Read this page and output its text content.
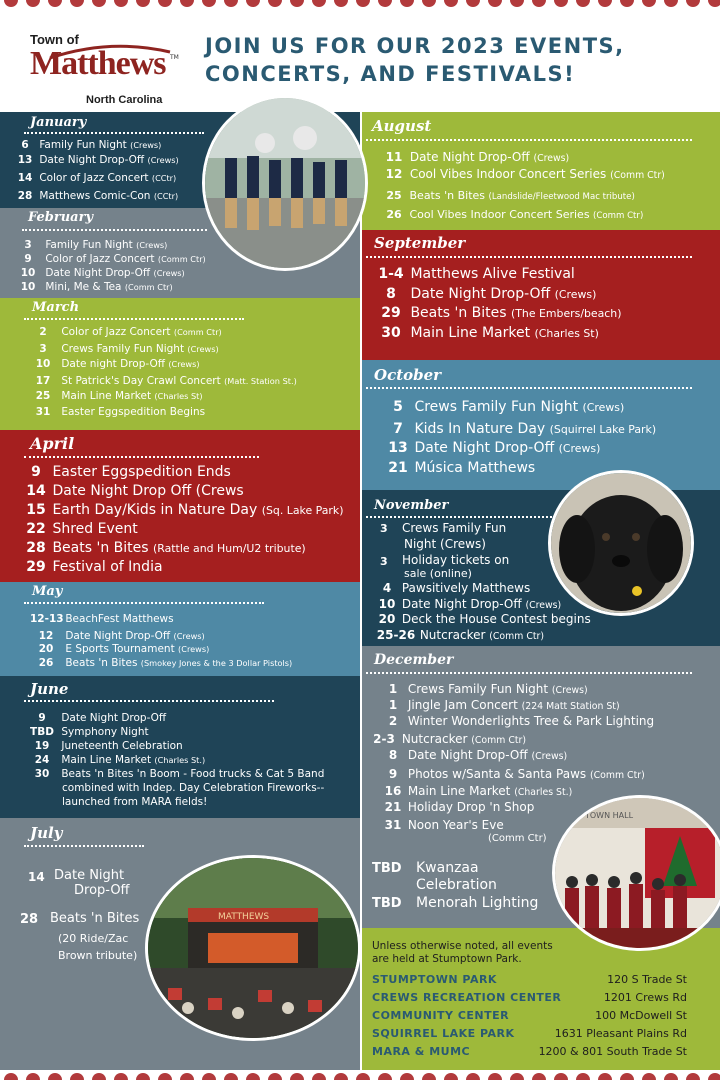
Town of
Matthews TM
North Carolina
JOIN US FOR OUR 2023 EVENTS,
CONCERTS, AND FESTIVALS!
January
February
March
April
May
June
July
August
September
October
November
December
6 Family Fun Night (Crews)
13 Date Night Drop-Off (Crews)
14 Color of Jazz Concert (CCtr)
28 Matthews Comic-Con (CCtr)
3 Family Fun Night (Crews)
9 Color of Jazz Concert (Comm Ctr)
10 Date Night Drop-Off (Crews)
10 Mini, Me & Tea (Comm Ctr)
2 Color of Jazz Concert (Comm Ctr)
3 Crews Family Fun Night (Crews)
10 Date night Drop-Off (Crews)
17 St Patrick's Day Crawl Concert (Matt. Station St.)
25 Main Line Market (Charles St)
31 Easter Eggspedition Begins
9 Easter Eggspedition Ends
14 Date Night Drop Off (Crews
15 Earth Day/Kids in Nature Day (Sq. Lake Park)
22 Shred Event
28 Beats 'n Bites (Rattle and Hum/U2 tribute)
29 Festival of India
12-13 BeachFest Matthews
12 Date Night Drop-Off (Crews)
20 E Sports Tournament (Crews)
26 Beats 'n Bites (Smokey Jones & the 3 Dollar Pistols)
9 Date Night Drop-Off
TBD Symphony Night
19 Juneteenth Celebration
24 Main Line Market (Charles St.)
30 Beats 'n Bites 'n Boom - Food trucks & Cat 5 Band
combined with Indep. Day Celebration Fireworks--
launched from MARA fields!
14 Date Night
Drop-Off
28 Beats 'n Bites
(20 Ride/Zac
Brown tribute)
11 Date Night Drop-Off (Crews)
12 Cool Vibes Indoor Concert Series (Comm Ctr)
25 Beats 'n Bites (Landslide/Fleetwood Mac tribute)
26 Cool Vibes Indoor Concert Series (Comm Ctr)
1-4 Matthews Alive Festival
8 Date Night Drop-Off (Crews)
29 Beats 'n Bites (The Embers/beach)
30 Main Line Market (Charles St)
5 Crews Family Fun Night (Crews)
7 Kids In Nature Day (Squirrel Lake Park)
13 Date Night Drop-Off (Crews)
21 Música Matthews
3 Crews Family Fun
Night (Crews)
3 Holiday tickets on
sale (online)
4 Pawsitively Matthews
10 Date Night Drop-Off (Crews)
20 Deck the House Contest begins
25-26 Nutcracker (Comm Ctr)
1 Crews Family Fun Night (Crews)
1 Jingle Jam Concert (224 Matt Station St)
2 Winter Wonderlights Tree & Park Lighting
2-3 Nutcracker (Comm Ctr)
8 Date Night Drop-Off (Crews)
9 Photos w/Santa & Santa Paws (Comm Ctr)
16 Main Line Market (Charles St.)
21 Holiday Drop 'n Shop
31 Noon Year's Eve
(Comm Ctr)
TBD Kwanzaa
Celebration
TBD Menorah Lighting
Unless otherwise noted, all events
are held at Stumptown Park.
STUMPTOWN PARK	120 S Trade St
CREWS RECREATION CENTER	1201 Crews Rd
COMMUNITY CENTER	100 McDowell St
SQUIRREL LAKE PARK	1631 Pleasant Plains Rd
MARA & MUMC	1200 & 801 South Trade St
TOWN HALL
MATTHEWS
